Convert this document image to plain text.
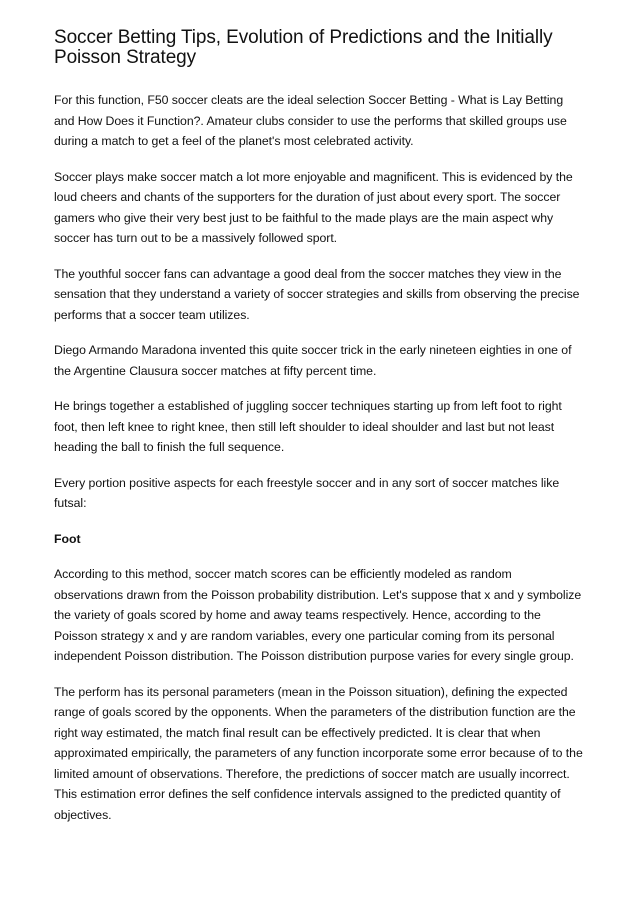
Soccer Betting Tips, Evolution of Predictions and the Initially Poisson Strategy

For this function, F50 soccer cleats are the ideal selection Soccer Betting - What is Lay Betting and How Does it Function?. Amateur clubs consider to use the performs that skilled groups use during a match to get a feel of the planet's most celebrated activity.

Soccer plays make soccer match a lot more enjoyable and magnificent. This is evidenced by the loud cheers and chants of the supporters for the duration of just about every sport. The soccer gamers who give their very best just to be faithful to the made plays are the main aspect why soccer has turn out to be a massively followed sport.

The youthful soccer fans can advantage a good deal from the soccer matches they view in the sensation that they understand a variety of soccer strategies and skills from observing the precise performs that a soccer team utilizes.

Diego Armando Maradona invented this quite soccer trick in the early nineteen eighties in one of the Argentine Clausura soccer matches at fifty percent time.

He brings together a established of juggling soccer techniques starting up from left foot to right foot, then left knee to right knee, then still left shoulder to ideal shoulder and last but not least heading the ball to finish the full sequence.

Every portion positive aspects for each freestyle soccer and in any sort of soccer matches like futsal:

Foot

According to this method, soccer match scores can be efficiently modeled as random observations drawn from the Poisson probability distribution. Let's suppose that x and y symbolize the variety of goals scored by home and away teams respectively. Hence, according to the Poisson strategy x and y are random variables, every one particular coming from its personal independent Poisson distribution. The Poisson distribution purpose varies for every single group.

The perform has its personal parameters (mean in the Poisson situation), defining the expected range of goals scored by the opponents. When the parameters of the distribution function are the right way estimated, the match final result can be effectively predicted. It is clear that when approximated empirically, the parameters of any function incorporate some error because of to the limited amount of observations. Therefore, the predictions of soccer match are usually incorrect. This estimation error defines the self confidence intervals assigned to the predicted quantity of objectives.
